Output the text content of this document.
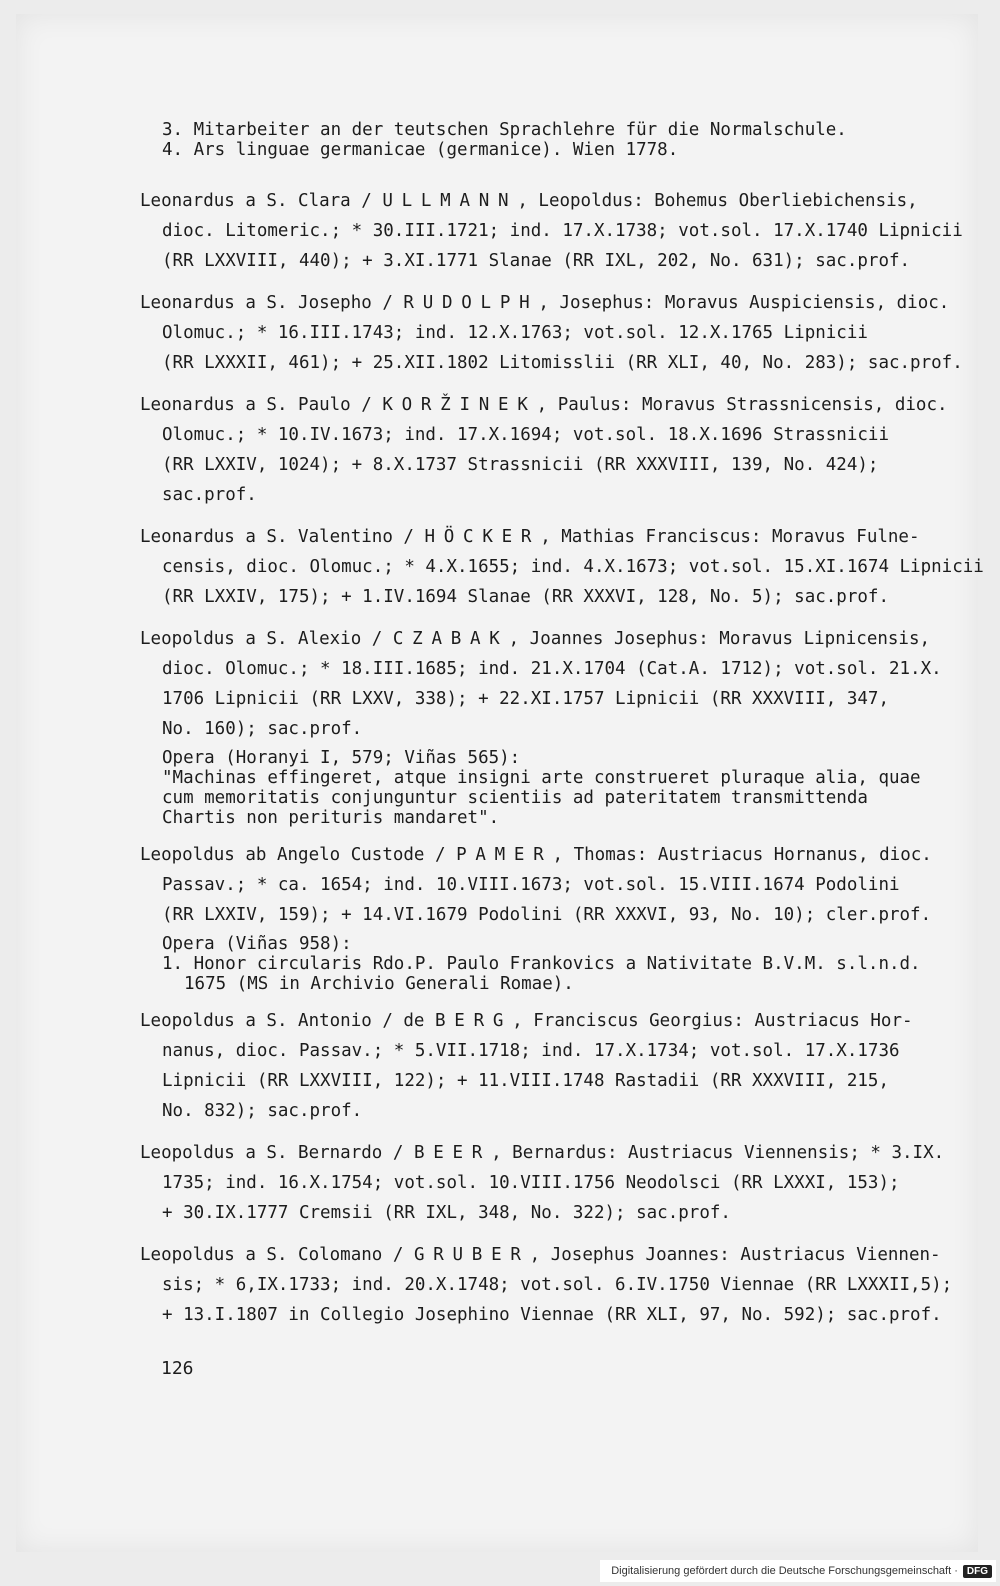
3. Mitarbeiter an der teutschen Sprachlehre für die Normalschule.
4. Ars linguae germanicae (germanice). Wien 1778.
Leonardus a S. Clara / ULLMANN, Leopoldus: Bohemus Oberliebichensis,
dioc. Litomeric.; * 30.III.1721; ind. 17.X.1738; vot.sol. 17.X.1740 Lipnicii
(RR LXXVIII, 440); + 3.XI.1771 Slanae (RR IXL, 202, No. 631); sac.prof.
Leonardus a S. Josepho / RUDOLPH, Josephus: Moravus Auspiciensis, dioc.
Olomuc.; * 16.III.1743; ind. 12.X.1763; vot.sol. 12.X.1765 Lipnicii
(RR LXXXII, 461); + 25.XII.1802 Litomisslii (RR XLI, 40, No. 283); sac.prof.
Leonardus a S. Paulo / KORŽINEK, Paulus: Moravus Strassnicensis, dioc.
Olomuc.; * 10.IV.1673; ind. 17.X.1694; vot.sol. 18.X.1696 Strassnicii
(RR LXXIV, 1024); + 8.X.1737 Strassnicii (RR XXXVIII, 139, No. 424);
sac.prof.
Leonardus a S. Valentino / HÖCKER, Mathias Franciscus: Moravus Fulne-
censis, dioc. Olomuc.; * 4.X.1655; ind. 4.X.1673; vot.sol. 15.XI.1674 Lipnicii
(RR LXXIV, 175); + 1.IV.1694 Slanae (RR XXXVI, 128, No. 5); sac.prof.
Leopoldus a S. Alexio / CZABAK, Joannes Josephus: Moravus Lipnicensis,
dioc. Olomuc.; * 18.III.1685; ind. 21.X.1704 (Cat.A. 1712); vot.sol. 21.X.
1706 Lipnicii (RR LXXV, 338); + 22.XI.1757 Lipnicii (RR XXXVIII, 347,
No. 160); sac.prof.
Opera (Horanyi I, 579; Viñas 565):
"Machinas effingeret, atque insigni arte construeret pluraque alia, quae
cum memoritatis conjunguntur scientiis ad pateritatem transmittenda
Chartis non perituris mandaret".
Leopoldus ab Angelo Custode / PAMER, Thomas: Austriacus Hornanus, dioc.
Passav.; * ca. 1654; ind. 10.VIII.1673; vot.sol. 15.VIII.1674 Podolini
(RR LXXIV, 159); + 14.VI.1679 Podolini (RR XXXVI, 93, No. 10); cler.prof.
Opera (Viñas 958):
1. Honor circularis Rdo.P. Paulo Frankovics a Nativitate B.V.M. s.l.n.d.
1675 (MS in Archivio Generali Romae).
Leopoldus a S. Antonio / de BERG, Franciscus Georgius: Austriacus Hor-
nanus, dioc. Passav.; * 5.VII.1718; ind. 17.X.1734; vot.sol. 17.X.1736
Lipnicii (RR LXXVIII, 122); + 11.VIII.1748 Rastadii (RR XXXVIII, 215,
No. 832); sac.prof.
Leopoldus a S. Bernardo / BEER, Bernardus: Austriacus Viennensis; * 3.IX.
1735; ind. 16.X.1754; vot.sol. 10.VIII.1756 Neodolsci (RR LXXXI, 153);
+ 30.IX.1777 Cremsii (RR IXL, 348, No. 322); sac.prof.
Leopoldus a S. Colomano / GRUBER, Josephus Joannes: Austriacus Viennen-
sis; * 6,IX.1733; ind. 20.X.1748; vot.sol. 6.IV.1750 Viennae (RR LXXXII,5);
+ 13.I.1807 in Collegio Josephino Viennae (RR XLI, 97, No. 592); sac.prof.
126
Digitalisierung gefördert durch die Deutsche Forschungsgemeinschaft · DFG
